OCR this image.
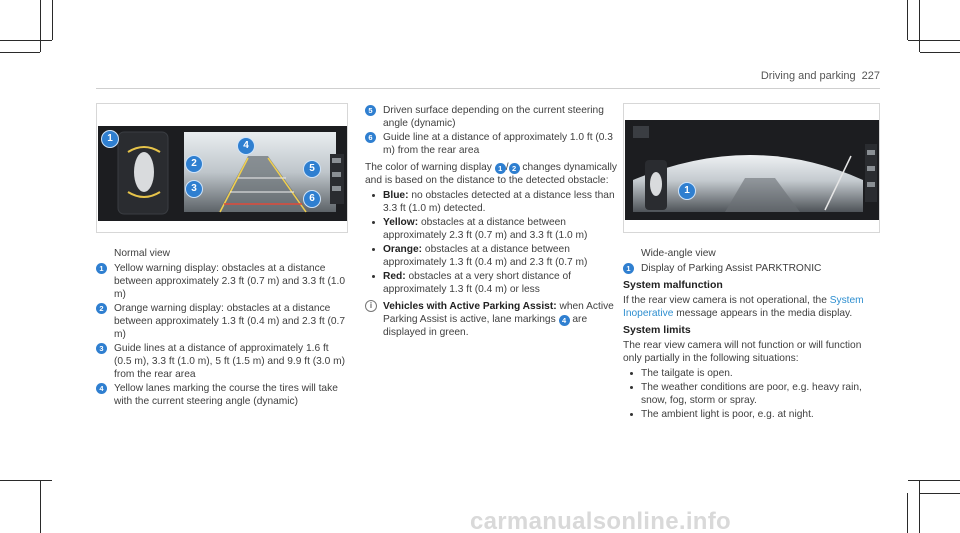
Driving and parking 227
1
2
3
4
5
6
1

Normal view

1	Yellow warning display: obstacles at a distance between approximately 2.3 ft (0.7 m) and 3.3 ft (1.0 m)
2	Orange warning display: obstacles at a distance between approximately 1.3 ft (0.4 m) and 2.3 ft (0.7 m)
3	Guide lines at a distance of approximately 1.6 ft (0.5 m), 3.3 ft (1.0 m), 5 ft (1.5 m) and 9.9 ft (3.0 m) from the rear area
4	Yellow lanes marking the course the tires will take with the current steering angle (dynamic)
5	Driven surface depending on the current steering angle (dynamic)
6	Guide line at a distance of approximately 1.0 ft (0.3 m) from the rear area

The color of warning display 1 / 2 changes dynamically and is based on the distance to the detected obstacle:

Blue: no obstacles detected at a distance less than 3.3 ft (1.0 m) detected.
Yellow: obstacles at a distance between approximately 2.3 ft (0.7 m) and 3.3 ft (1.0 m)
Orange: obstacles at a distance between approximately 1.3 ft (0.4 m) and 2.3 ft (0.7 m)
Red: obstacles at a very short distance of approximately 1.3 ft (0.4 m) or less
i	Vehicles with Active Parking Assist: when Active Parking Assist is active, lane markings 4 are displayed in green.

Wide-angle view

1	Display of Parking Assist PARKTRONIC

System malfunction

If the rear view camera is not operational, the System Inoperative message appears in the media display.

System limits

The rear view camera will not function or will function only partially in the following situations:

The tailgate is open.
The weather conditions are poor, e.g. heavy rain, snow, fog, storm or spray.
The ambient light is poor, e.g. at night.
carmanualsonline.info
